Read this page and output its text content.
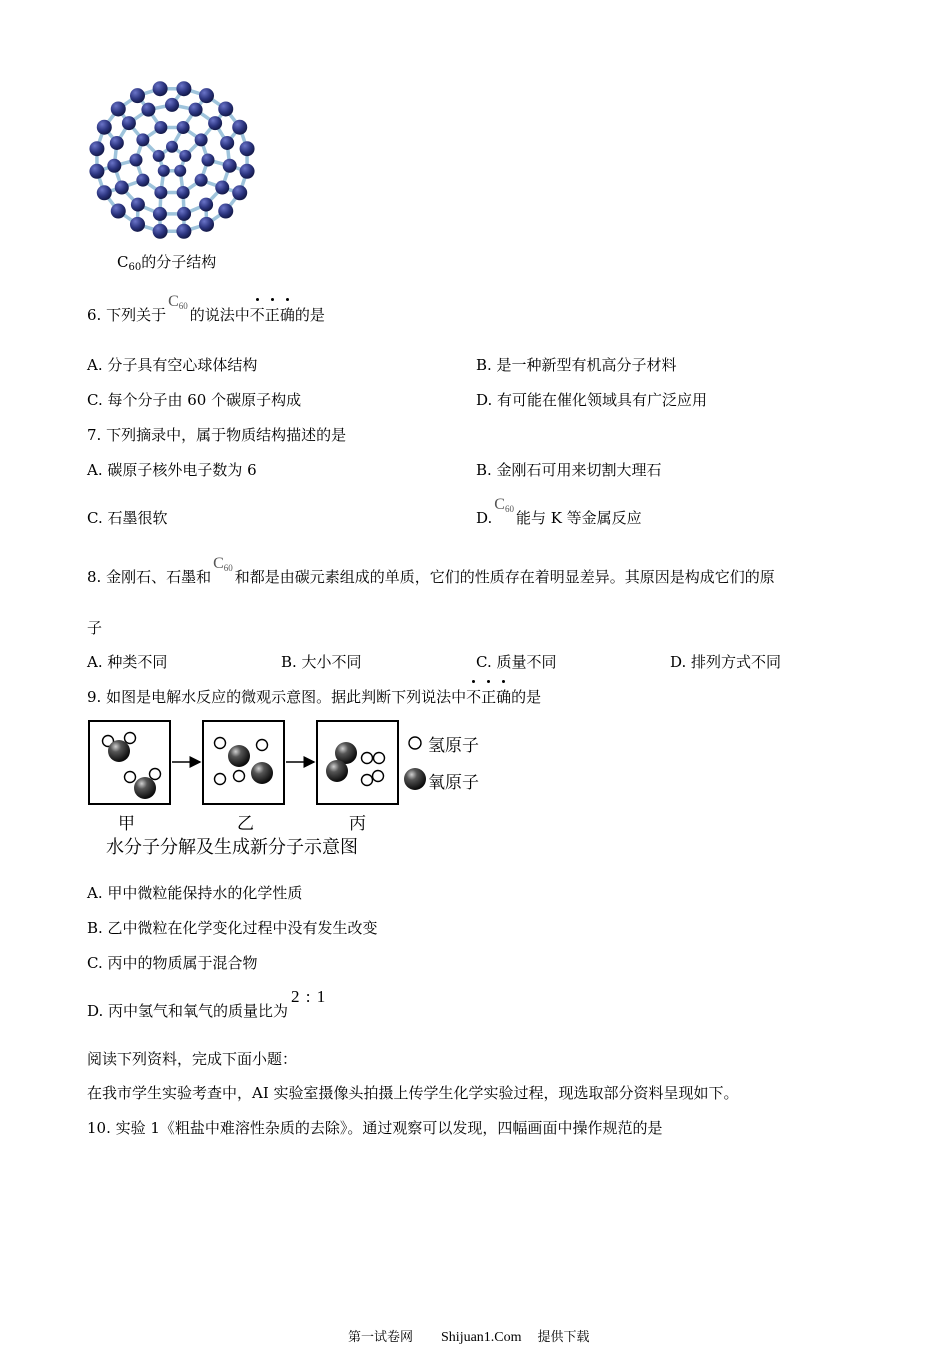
$C_{60}$的分子结构
6. 下列关于$C_{60}$ 的说法中不正确的是
A. 分子具有空心球体结构	B. 是一种新型有机高分子材料
C. 每个分子由 60 个碳原子构成	D. 有可能在催化领域具有广泛应用
7. 下列摘录中，属于物质结构描述的是
A. 碳原子核外电子数为 6	B. 金刚石可用来切割大理石
C. 石墨很软	$D.C_{60}$ 能与 K 等金属反应
8. 金刚石、石墨和$C_{60}$ 和都是由碳元素组成的单质，它们的性质存在着明显差异。其原因是构成它们的原
子
A. 种类不同	B. 大小不同	C. 质量不同	D. 排列方式不同
9. 如图是电解水反应的微观示意图。据此判断下列说法中不正确的是
氢原子
氧原子
甲	乙	丙
水分子分解及生成新分子示意图
A. 甲中微粒能保持水的化学性质
B. 乙中微粒在化学变化过程中没有发生改变
C. 丙中的物质属于混合物
D. 丙中氢气和氧气的质量比为2 : 1
阅读下列资料，完成下面小题：
在我市学生实验考查中，AI 实验室摄像头拍摄上传学生化学实验过程，现选取部分资料呈现如下。
10. 实验 1《粗盐中难溶性杂质的去除》。通过观察可以发现，四幅画面中操作规范的是
第一试卷网 Shijuan1.Com 提供下载
